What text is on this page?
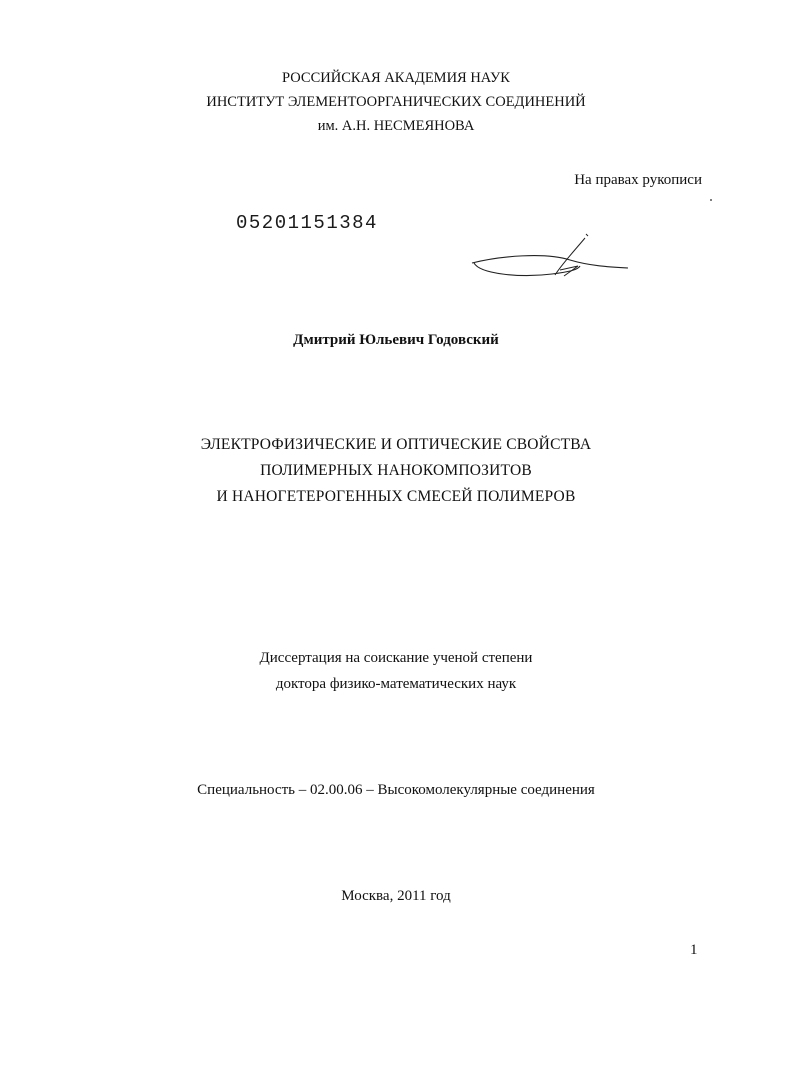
РОССИЙСКАЯ АКАДЕМИЯ НАУК
ИНСТИТУТ ЭЛЕМЕНТООРГАНИЧЕСКИХ СОЕДИНЕНИЙ
им. А.Н. НЕСМЕЯНОВА
На правах рукописи
05201151384
Дмитрий Юльевич Годовский
ЭЛЕКТРОФИЗИЧЕСКИЕ И ОПТИЧЕСКИЕ СВОЙСТВА
ПОЛИМЕРНЫХ НАНОКОМПОЗИТОВ
И НАНОГЕТЕРОГЕННЫХ СМЕСЕЙ ПОЛИМЕРОВ
Диссертация на соискание ученой степени
доктора физико-математических наук
Специальность – 02.00.06 – Высокомолекулярные соединения
Москва, 2011 год
1
